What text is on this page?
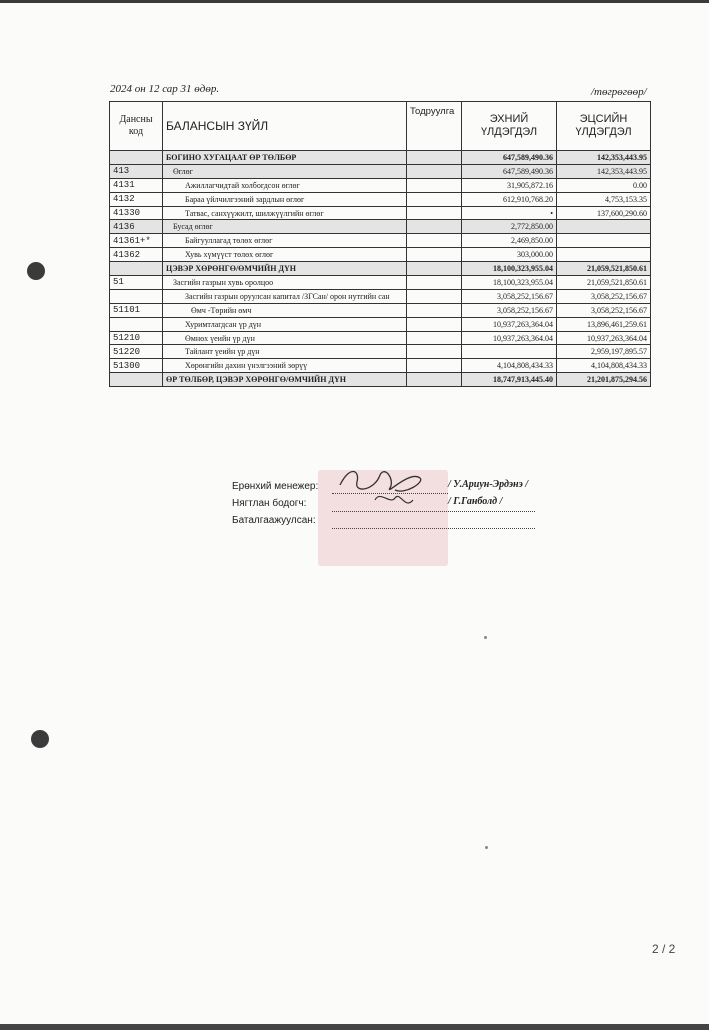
2024 он 12 сар 31 өдөр.	/төгрөгөөр/
Дансны код	БАЛАНСЫН ЗҮЙЛ	Тодруулга	ЭХНИЙ ҮЛДЭГДЭЛ	ЭЦСИЙН ҮЛДЭГДЭЛ
	БОГИНО ХУГАЦААТ ӨР ТӨЛБӨР		647,589,490.36	142,353,443.95
413	Өглөг		647,589,490.36	142,353,443.95
4131	Ажиллагчидтай холбогдсон өглөг		31,905,872.16	0.00
4132	Бараа үйлчилгээний зардлын өглөг		612,910,768.20	4,753,153.35
41330	Татвас, санхүүжилт, шилжүүлгийн өглөг		•	137,600,290.60
4136	Бусад өглөг		2,772,850.00	
41361+*	Байгууллагад төлөх өглөг		2,469,850.00	
41362	Хувь хүмүүст төлөх өглөг		303,000.00	
	ЦЭВЭР ХӨРӨНГӨ/ӨМЧИЙН ДҮН		18,100,323,955.04	21,059,521,850.61
51	Засгийн газрын хувь оролцоо		18,100,323,955.04	21,059,521,850.61
	Засгийн газрын оруулсан капитал /ЗГСан/ орон нутгийн сан		3,058,252,156.67	3,058,252,156.67
51101	Өмч -Төрийн өмч		3,058,252,156.67	3,058,252,156.67
	Хуримтлагдсан үр дүн		10,937,263,364.04	13,896,461,259.61
51210	Өмнөх үеийн үр дүн		10,937,263,364.04	10,937,263,364.04
51220	Тайлант үеийн үр дүн			2,959,197,895.57
51300	Хөрөнгийн дахин үнэлгээний зөрүү		4,104,808,434.33	4,104,808,434.33
	ӨР ТӨЛБӨР, ЦЭВЭР ХӨРӨНГӨ/ӨМЧИЙН ДҮН		18,747,913,445.40	21,201,875,294.56
Ерөнхий менежер:	/ У.Ариун-Эрдэнэ /
Нягтлан бодогч:	/ Г.Ганболд /
Баталгаажуулсан:
2 / 2
